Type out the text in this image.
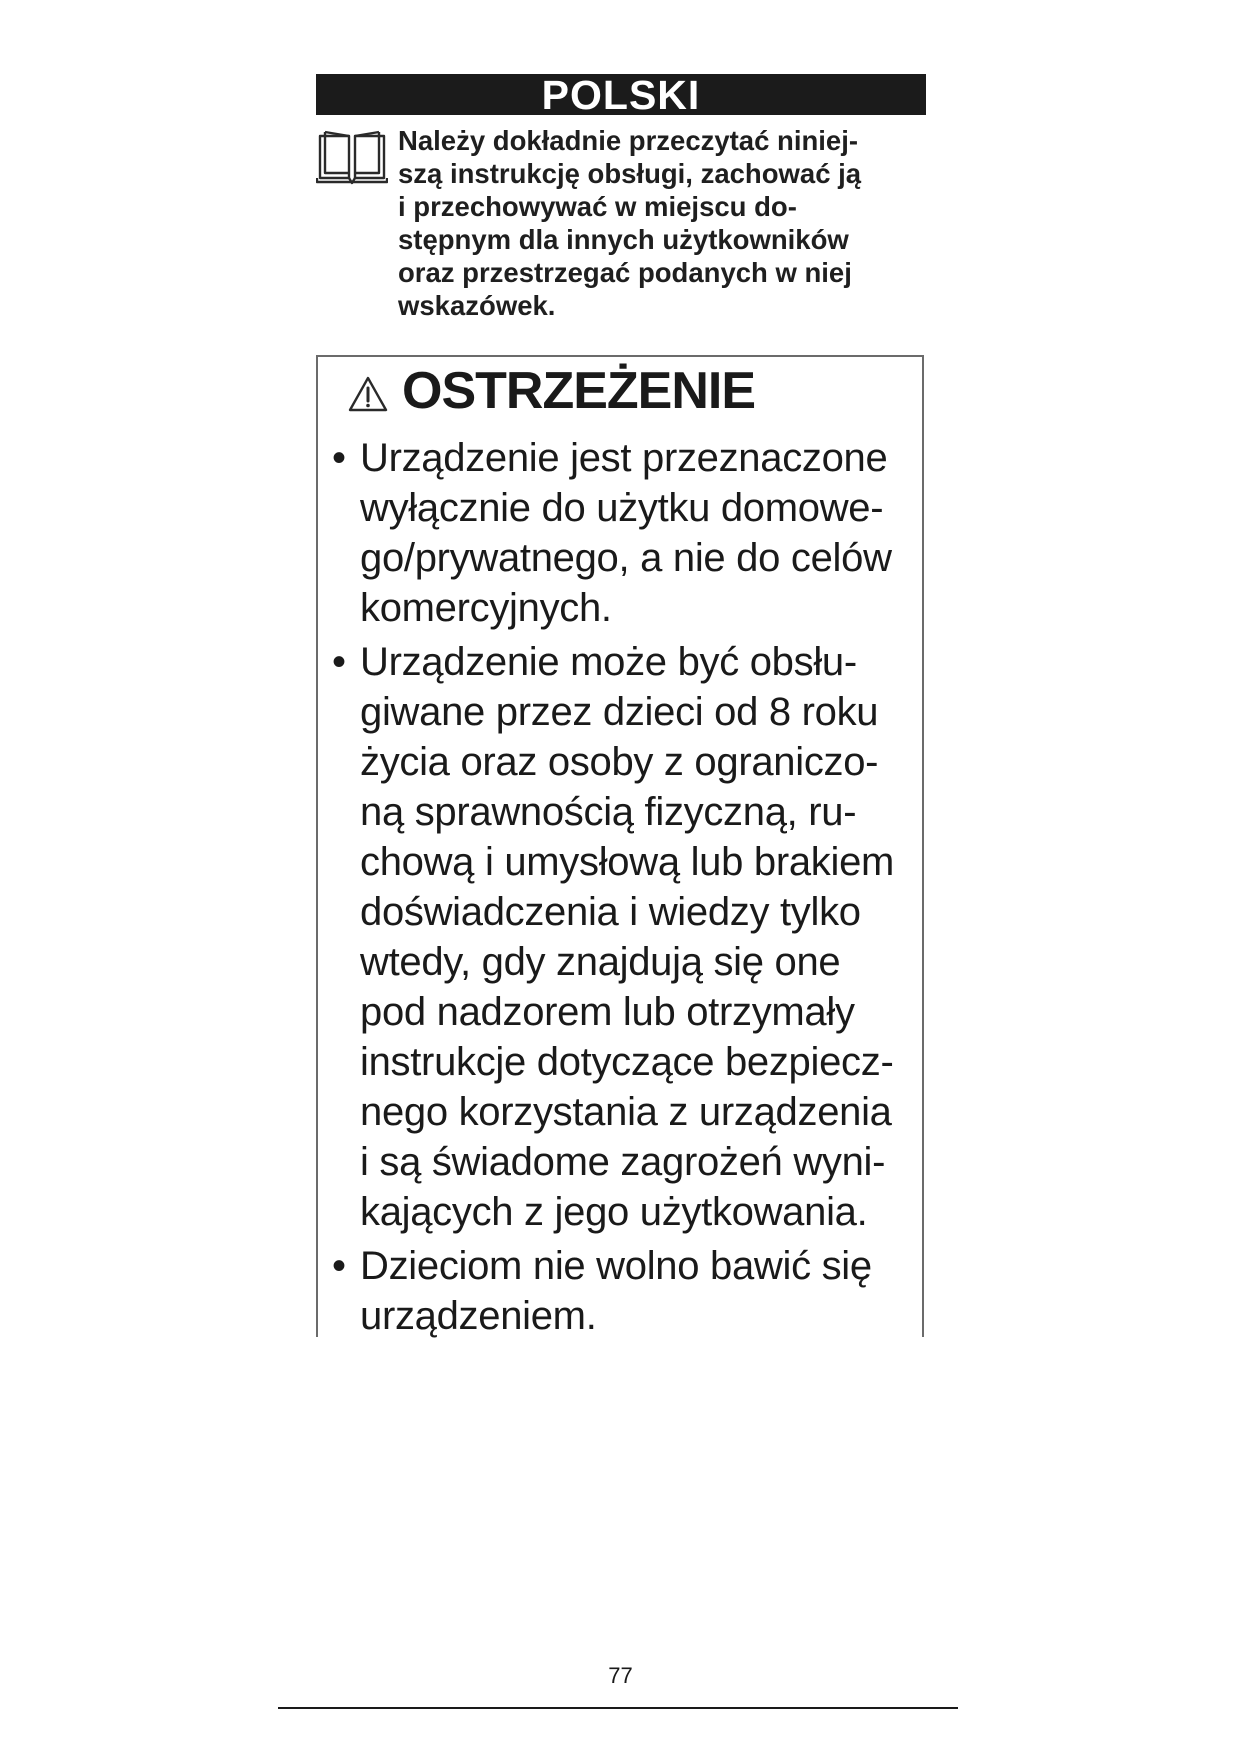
POLSKI

Należy dokładnie przeczytać niniej-
szą instrukcję obsługi, zachować ją
i przechowywać w miejscu do-
stępnym dla innych użytkowników
oraz przestrzegać podanych w niej
wskazówek.

OSTRZEŻENIE
• Urządzenie jest przeznaczone
wyłącznie do użytku domowe-
go/prywatnego, a nie do celów
komercyjnych.
• Urządzenie może być obsłu-
giwane przez dzieci od 8 roku
życia oraz osoby z ograniczo-
ną sprawnością fizyczną, ru-
chową i umysłową lub brakiem
doświadczenia i wiedzy tylko
wtedy, gdy znajdują się one
pod nadzorem lub otrzymały
instrukcje dotyczące bezpiecz-
nego korzystania z urządzenia
i są świadome zagrożeń wyni-
kających z jego użytkowania.
• Dzieciom nie wolno bawić się
urządzeniem.
77
